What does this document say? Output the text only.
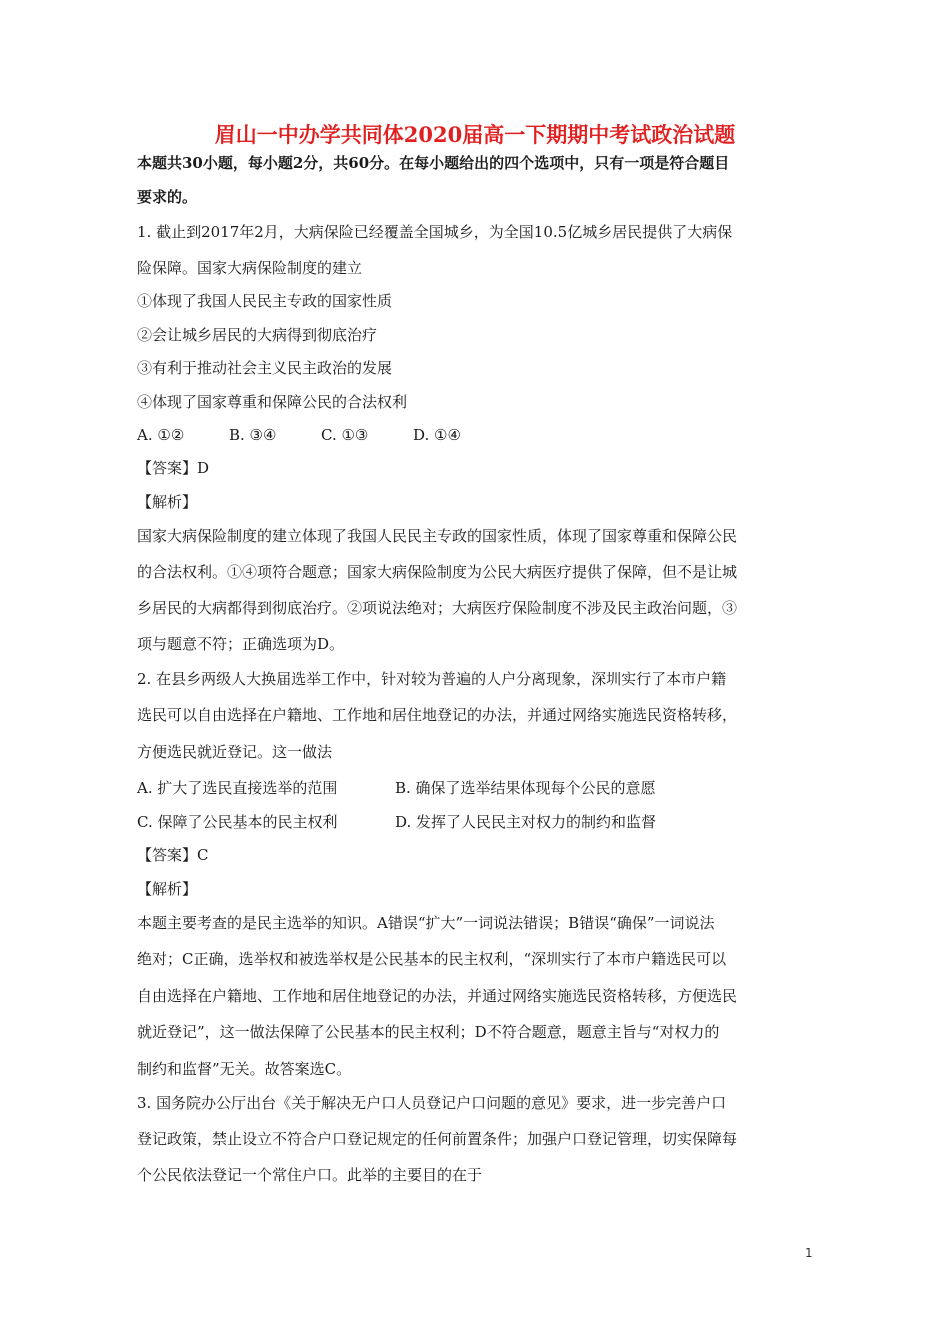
眉山一中办学共同体2020届高一下期期中考试政治试题

本题共30小题，每小题2分，共60分。在每小题给出的四个选项中，只有一项是符合题目

要求的。

1. 截止到2017年2月，大病保险已经覆盖全国城乡，为全国10.5亿城乡居民提供了大病保

险保障。国家大病保险制度的建立

①体现了我国人民民主专政的国家性质

②会让城乡居民的大病得到彻底治疗

③有利于推动社会主义民主政治的发展

④体现了国家尊重和保障公民的合法权利

A. ①②	B. ③④	C. ①③	D. ①④

【答案】D

【解析】

国家大病保险制度的建立体现了我国人民民主专政的国家性质，体现了国家尊重和保障公民

的合法权利。①④项符合题意；国家大病保险制度为公民大病医疗提供了保障，但不是让城

乡居民的大病都得到彻底治疗。②项说法绝对；大病医疗保险制度不涉及民主政治问题，③

项与题意不符；正确选项为D。

2. 在县乡两级人大换届选举工作中，针对较为普遍的人户分离现象，深圳实行了本市户籍

选民可以自由选择在户籍地、工作地和居住地登记的办法，并通过网络实施选民资格转移，

方便选民就近登记。这一做法

A. 扩大了选民直接选举的范围	B. 确保了选举结果体现每个公民的意愿

C. 保障了公民基本的民主权利	D. 发挥了人民民主对权力的制约和监督

【答案】C

【解析】

本题主要考查的是民主选举的知识。A错误“扩大”一词说法错误；B错误“确保”一词说法

绝对；C正确，选举权和被选举权是公民基本的民主权利，“深圳实行了本市户籍选民可以

自由选择在户籍地、工作地和居住地登记的办法，并通过网络实施选民资格转移，方便选民

就近登记”，这一做法保障了公民基本的民主权利；D不符合题意，题意主旨与“对权力的

制约和监督”无关。故答案选C。

3. 国务院办公厅出台《关于解决无户口人员登记户口问题的意见》要求，进一步完善户口

登记政策，禁止设立不符合户口登记规定的任何前置条件；加强户口登记管理，切实保障每

个公民依法登记一个常住户口。此举的主要目的在于

1
